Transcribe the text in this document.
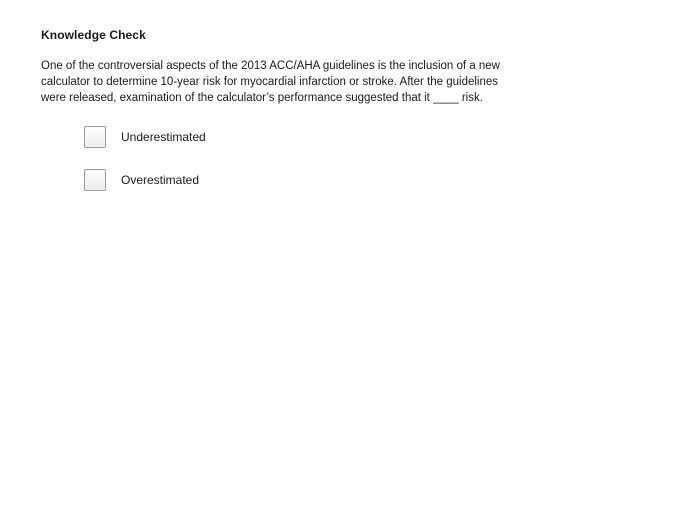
Knowledge Check
One of the controversial aspects of the 2013 ACC/AHA guidelines is the inclusion of a new
calculator to determine 10-year risk for myocardial infarction or stroke. After the guidelines
were released, examination of the calculator’s performance suggested that it ____ risk.
Underestimated
Overestimated
